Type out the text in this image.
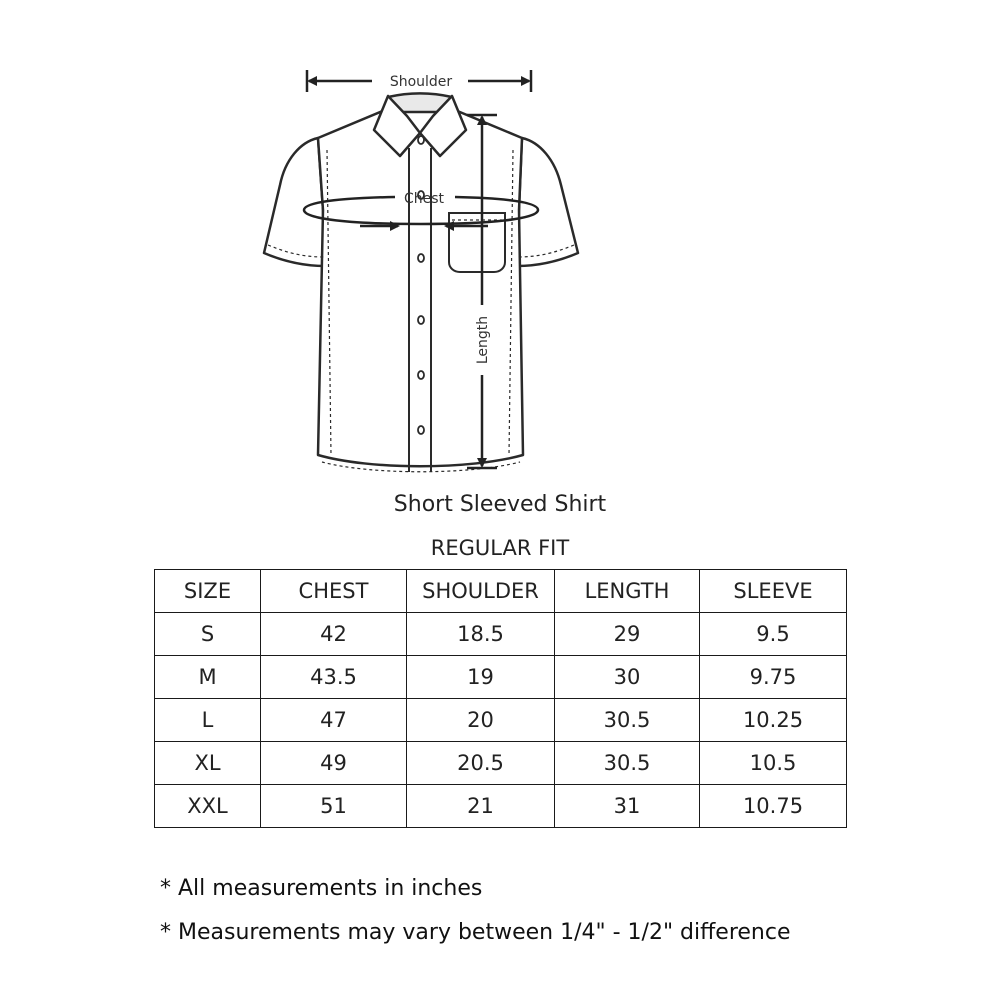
Shoulder
Chest
Length
Short Sleeved Shirt
REGULAR FIT
SIZE	CHEST	SHOULDER	LENGTH	SLEEVE
S	42	18.5	29	9.5
M	43.5	19	30	9.75
L	47	20	30.5	10.25
XL	49	20.5	30.5	10.5
XXL	51	21	31	10.75
* All measurements in inches
* Measurements may vary between 1/4" - 1/2" difference
